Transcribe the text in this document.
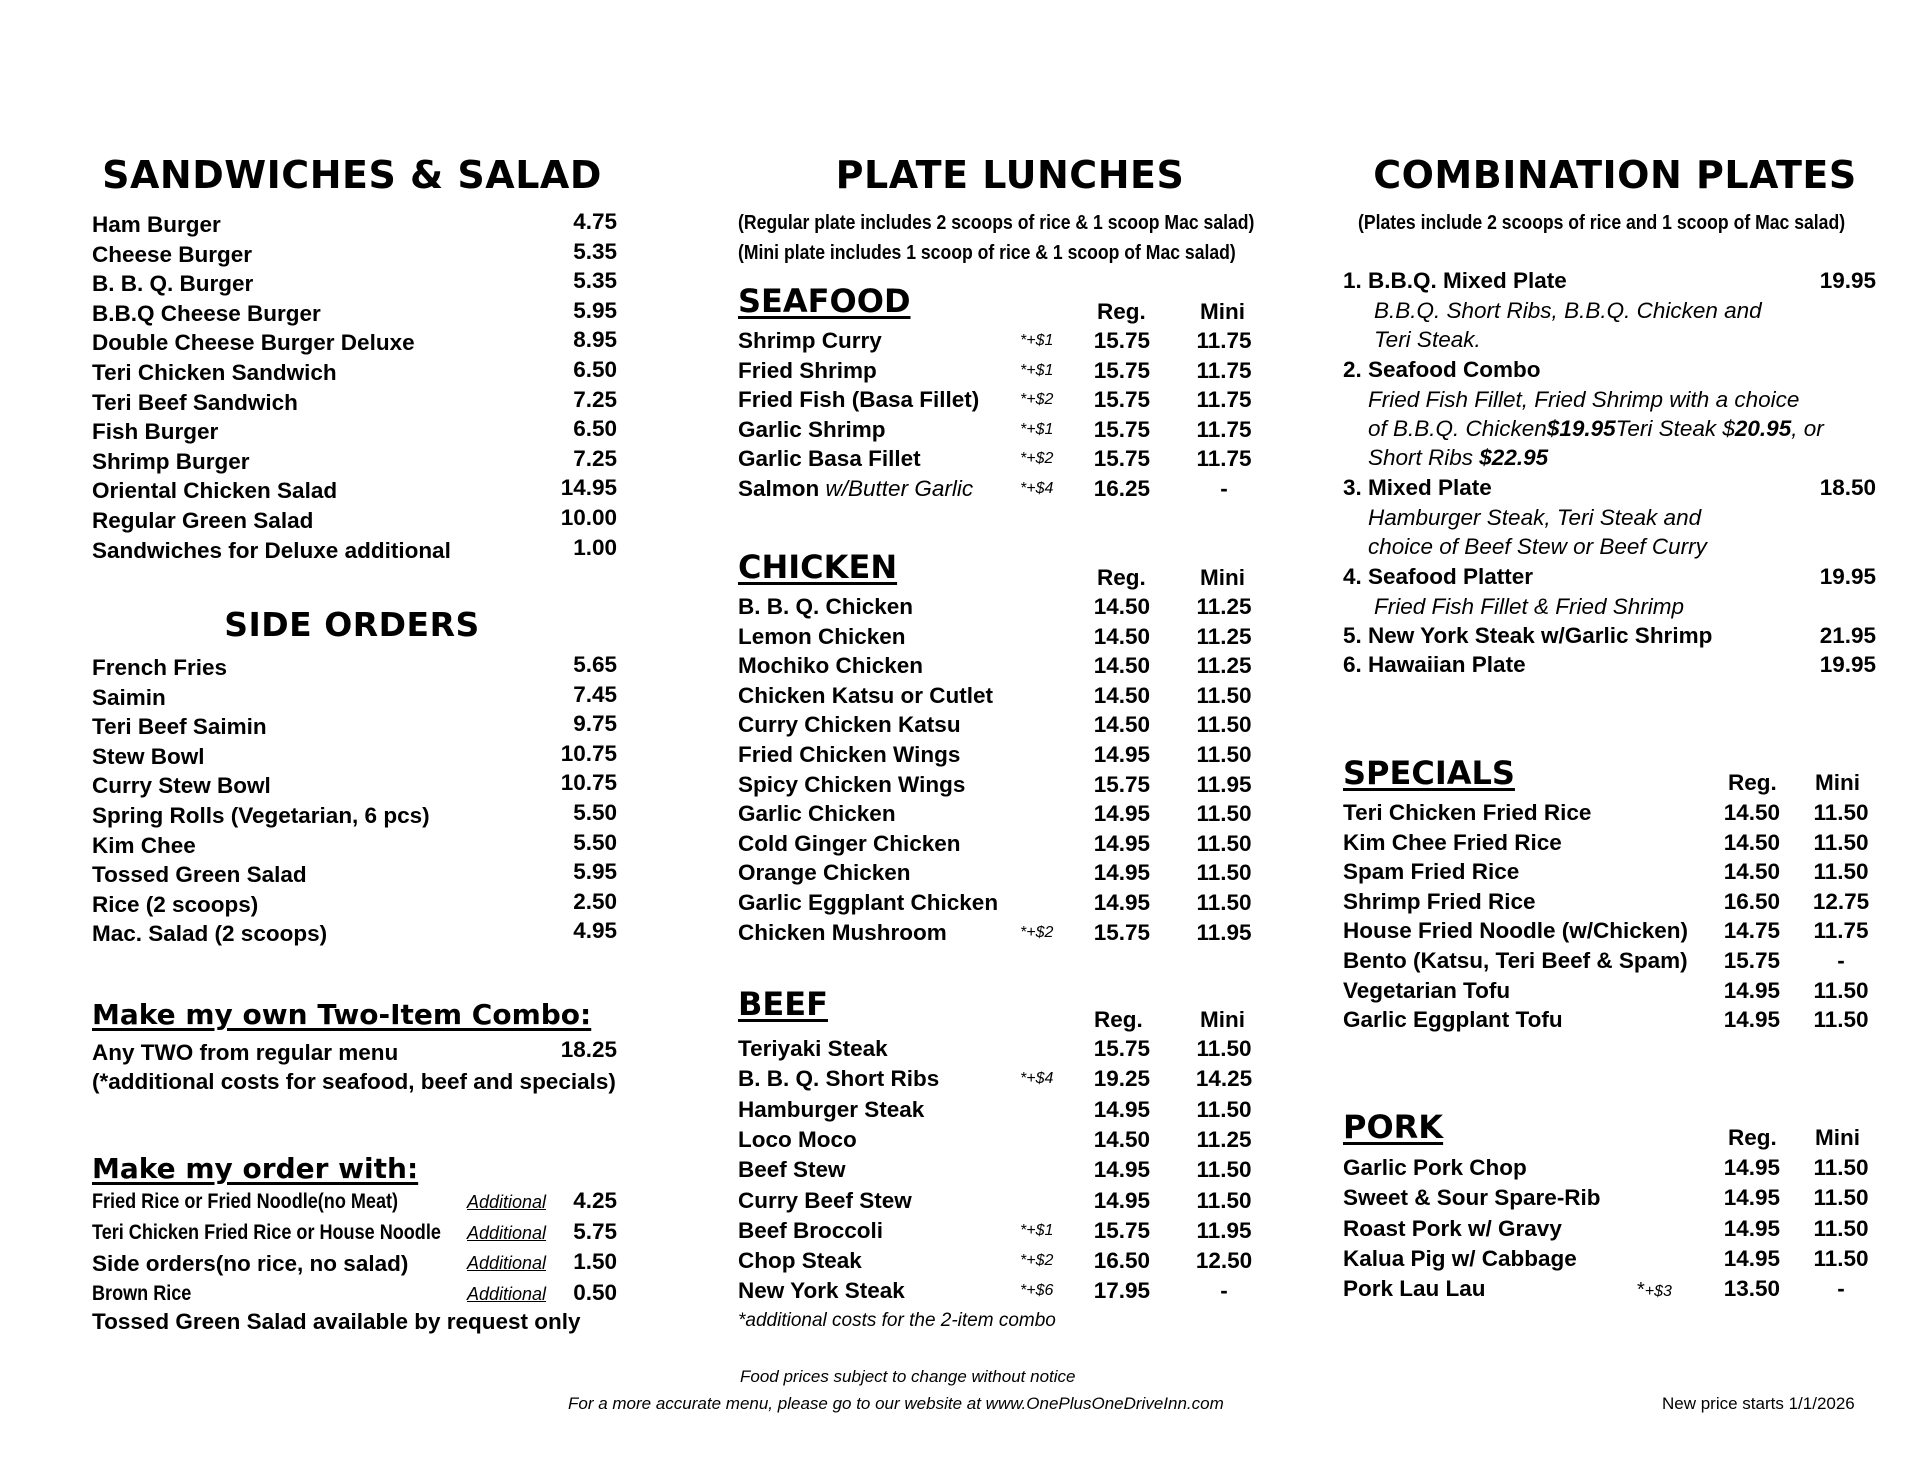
SANDWICHES & SALAD
Ham Burger	4.75
Cheese Burger	5.35
B. B. Q. Burger	5.35
B.B.Q Cheese Burger	5.95
Double Cheese Burger Deluxe	8.95
Teri Chicken Sandwich	6.50
Teri Beef Sandwich	7.25
Fish Burger	6.50
Shrimp Burger	7.25
Oriental Chicken Salad	14.95
Regular Green Salad	10.00
Sandwiches for Deluxe additional	1.00
SIDE ORDERS
French Fries	5.65
Saimin	7.45
Teri Beef Saimin	9.75
Stew Bowl	10.75
Curry Stew Bowl	10.75
Spring Rolls (Vegetarian, 6 pcs)	5.50
Kim Chee	5.50
Tossed Green Salad	5.95
Rice (2 scoops)	2.50
Mac. Salad (2 scoops)	4.95
Make my own Two-Item Combo:
Any TWO from regular menu	18.25
(*additional costs for seafood, beef and specials)
Make my order with:
Fried Rice or Fried Noodle(no Meat)	Additional	4.25
Teri Chicken Fried Rice or House Noodle Additional	5.75
Side orders(no rice, no salad)	Additional	1.50
Brown Rice	Additional	0.50
Tossed Green Salad available by request only
PLATE LUNCHES
(Regular plate includes 2 scoops of rice & 1 scoop Mac salad)
(Mini plate includes 1 scoop of rice & 1 scoop of Mac salad)
SEAFOOD	Reg. Mini
Shrimp Curry	*+$1	15.75 11.75
Fried Shrimp	*+$1	15.75 11.75
Fried Fish (Basa Fillet)	*+$2	15.75 11.75
Garlic Shrimp	*+$1	15.75 11.75
Garlic Basa Fillet	*+$2	15.75 11.75
Salmon w/Butter Garlic	*+$4	16.25	-
CHICKEN	Reg. Mini
B. B. Q. Chicken	14.50 11.25
Lemon Chicken	14.50 11.25
Mochiko Chicken	14.50 11.25
Chicken Katsu or Cutlet	14.50 11.50
Curry Chicken Katsu	14.50 11.50
Fried Chicken Wings	14.95 11.50
Spicy Chicken Wings	15.75 11.95
Garlic Chicken	14.95 11.50
Cold Ginger Chicken	14.95 11.50
Orange Chicken	14.95 11.50
Garlic Eggplant Chicken	14.95 11.50
Chicken Mushroom	*+$2	15.75 11.95
BEEF	Reg.	Mini
Teriyaki Steak	15.75 11.50
B. B. Q. Short Ribs	*+$4	19.25 14.25
Hamburger Steak	14.95 11.50
Loco Moco	14.50 11.25
Beef Stew	14.95 11.50
Curry Beef Stew	14.95 11.50
Beef Broccoli	*+$1	15.75 11.95
Chop Steak	*+$2	16.50 12.50
New York Steak	*+$6	17.95	-
*additional costs for the 2-item combo
COMBINATION PLATES
(Plates include 2 scoops of rice and 1 scoop of Mac salad)
1. B.B.Q. Mixed Plate	19.95
B.B.Q. Short Ribs, B.B.Q. Chicken and
Teri Steak.
2. Seafood Combo
Fried Fish Fillet, Fried Shrimp with a choice
of B.B.Q. Chicken$19.95Teri Steak $20.95, or
Short Ribs $22.95
3. Mixed Plate	18.50
Hamburger Steak, Teri Steak and
choice of Beef Stew or Beef Curry
4. Seafood Platter	19.95
Fried Fish Fillet & Fried Shrimp
5. New York Steak w/Garlic Shrimp	21.95
6. Hawaiian Plate	19.95
SPECIALS	Reg. Mini
Teri Chicken Fried Rice	14.50 11.50
Kim Chee Fried Rice	14.50 11.50
Spam Fried Rice	14.50 11.50
Shrimp Fried Rice	16.50 12.75
House Fried Noodle (w/Chicken)	14.75 11.75
Bento (Katsu, Teri Beef & Spam)	15.75	-
Vegetarian Tofu	14.95 11.50
Garlic Eggplant Tofu	14.95 11.50
PORK	Reg. Mini
Garlic Pork Chop	14.95 11.50
Sweet & Sour Spare-Rib	14.95 11.50
Roast Pork w/ Gravy	14.95 11.50
Kalua Pig w/ Cabbage	14.95 11.50
Pork Lau Lau	*+$3	13.50	-
Food prices subject to change without notice
For a more accurate menu, please go to our website at www.OnePlusOneDriveInn.com	New price starts 1/1/2026
